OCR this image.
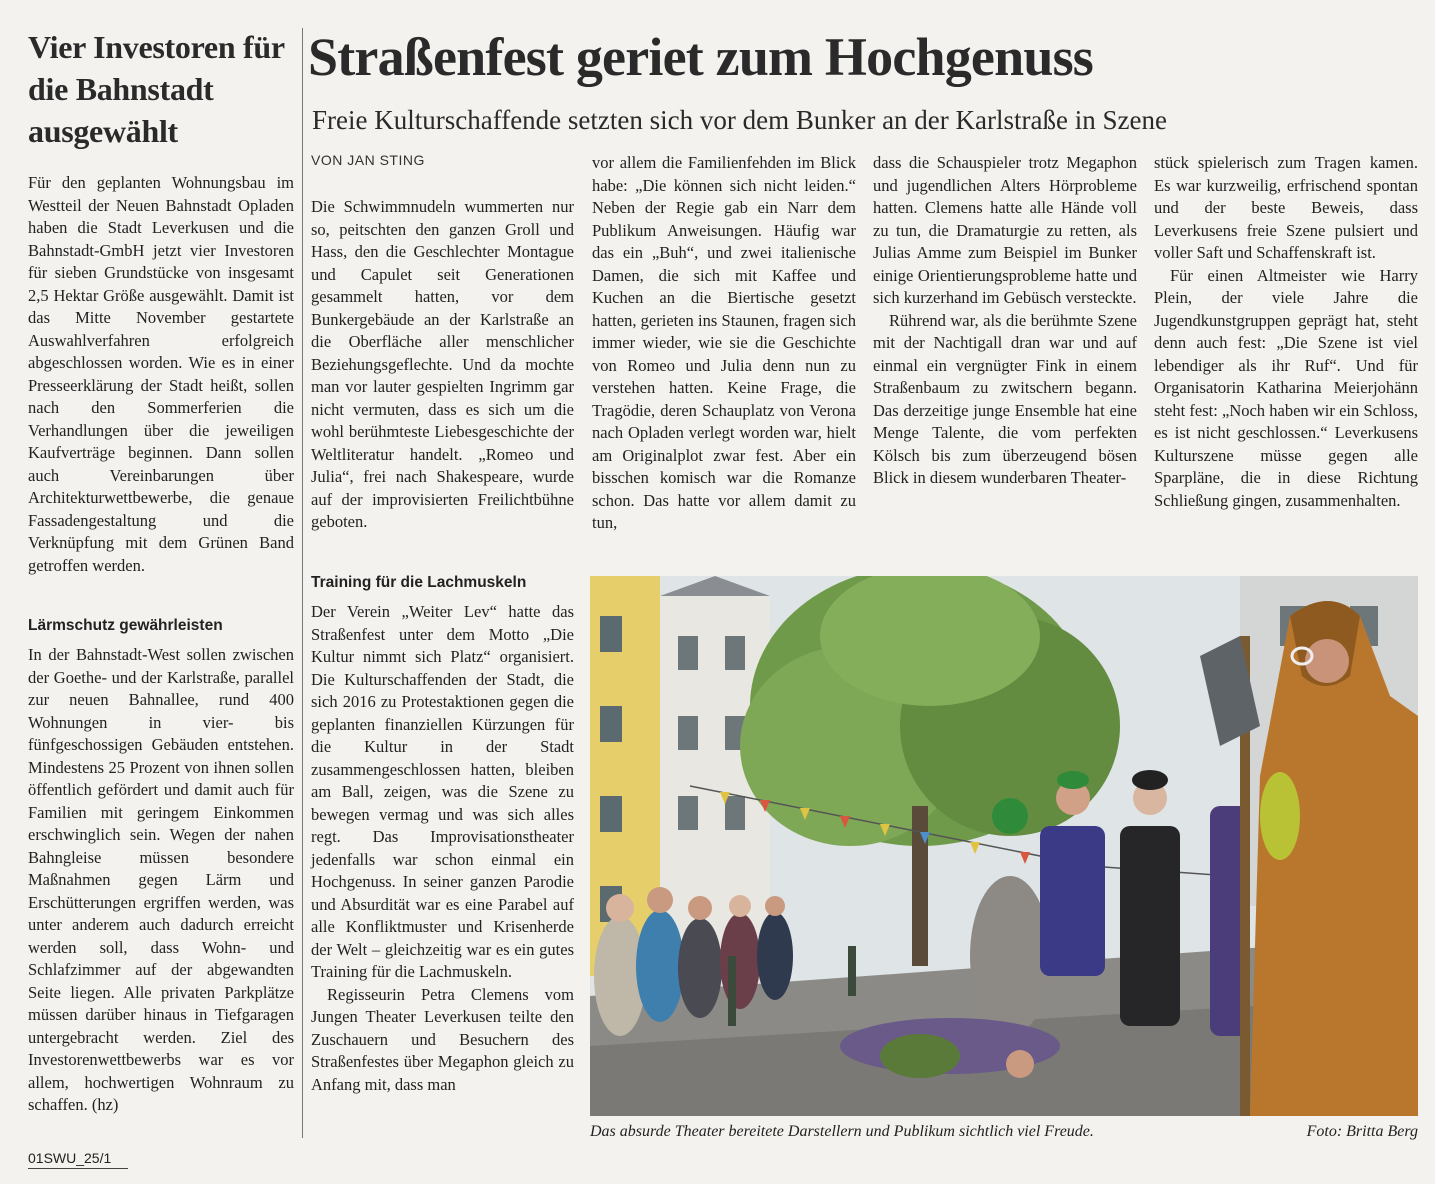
Vier Investoren für die Bahnstadt ausgewählt

Für den geplanten Wohnungsbau im Westteil der Neuen Bahnstadt Opladen haben die Stadt Leverkusen und die Bahnstadt-GmbH jetzt vier Investoren für sieben Grundstücke von insgesamt 2,5 Hektar Größe ausgewählt. Damit ist das Mitte November gestartete Auswahlverfahren erfolgreich abgeschlossen worden. Wie es in einer Presseerklärung der Stadt heißt, sollen nach den Sommerferien die Verhandlungen über die jeweiligen Kaufverträge beginnen. Dann sollen auch Vereinbarungen über Architekturwettbewerbe, die genaue Fassadengestaltung und die Verknüpfung mit dem Grünen Band getroffen werden.

Lärmschutz gewährleisten

In der Bahnstadt-West sollen zwischen der Goethe- und der Karlstraße, parallel zur neuen Bahnallee, rund 400 Wohnungen in vier- bis fünfgeschossigen Gebäuden entstehen. Mindestens 25 Prozent von ihnen sollen öffentlich gefördert und damit auch für Familien mit geringem Einkommen erschwinglich sein. Wegen der nahen Bahngleise müssen besondere Maßnahmen gegen Lärm und Erschütterungen ergriffen werden, was unter anderem auch dadurch erreicht werden soll, dass Wohn- und Schlafzimmer auf der abgewandten Seite liegen. Alle privaten Parkplätze müssen darüber hinaus in Tiefgaragen untergebracht werden. Ziel des Investorenwettbewerbs war es vor allem, hochwertigen Wohnraum zu schaffen. (hz)

Straßenfest geriet zum Hochgenuss
Freie Kulturschaffende setzten sich vor dem Bunker an der Karlstraße in Szene
VON JAN STING

Die Schwimmnudeln wummerten nur so, peitschten den ganzen Groll und Hass, den die Geschlechter Montague und Capulet seit Generationen gesammelt hatten, vor dem Bunkergebäude an der Karlstraße an die Oberfläche aller menschlicher Beziehungsgeflechte. Und da mochte man vor lauter gespielten Ingrimm gar nicht vermuten, dass es sich um die wohl berühmteste Liebesgeschichte der Weltliteratur handelt. „Romeo und Julia“, frei nach Shakespeare, wurde auf der improvisierten Freilichtbühne geboten.

Training für die Lachmuskeln

Der Verein „Weiter Lev“ hatte das Straßenfest unter dem Motto „Die Kultur nimmt sich Platz“ organisiert. Die Kulturschaffenden der Stadt, die sich 2016 zu Protestaktionen gegen die geplanten finanziellen Kürzungen für die Kultur in der Stadt zusammengeschlossen hatten, bleiben am Ball, zeigen, was die Szene zu bewegen vermag und was sich alles regt. Das Improvisationstheater jedenfalls war schon einmal ein Hochgenuss. In seiner ganzen Parodie und Absurdität war es eine Parabel auf alle Konfliktmuster und Krisenherde der Welt – gleichzeitig war es ein gutes Training für die Lachmuskeln.

Regisseurin Petra Clemens vom Jungen Theater Leverkusen teilte den Zuschauern und Besuchern des Straßenfestes über Megaphon gleich zu Anfang mit, dass man

vor allem die Familienfehden im Blick habe: „Die können sich nicht leiden.“ Neben der Regie gab ein Narr dem Publikum Anweisungen. Häufig war das ein „Buh“, und zwei italienische Damen, die sich mit Kaffee und Kuchen an die Biertische gesetzt hatten, gerieten ins Staunen, fragen sich immer wieder, wie sie die Geschichte von Romeo und Julia denn nun zu verstehen hatten. Keine Frage, die Tragödie, deren Schauplatz von Verona nach Opladen verlegt worden war, hielt am Originalplot zwar fest. Aber ein bisschen komisch war die Romanze schon. Das hatte vor allem damit zu tun,

dass die Schauspieler trotz Megaphon und jugendlichen Alters Hörprobleme hatten. Clemens hatte alle Hände voll zu tun, die Dramaturgie zu retten, als Julias Amme zum Beispiel im Bunker einige Orientierungsprobleme hatte und sich kurzerhand im Gebüsch versteckte.

Rührend war, als die berühmte Szene mit der Nachtigall dran war und auf einmal ein vergnügter Fink in einem Straßenbaum zu zwitschern begann. Das derzeitige junge Ensemble hat eine Menge Talente, die vom perfekten Kölsch bis zum überzeugend bösen Blick in diesem wunderbaren Theater-

stück spielerisch zum Tragen kamen. Es war kurzweilig, erfrischend spontan und der beste Beweis, dass Leverkusens freie Szene pulsiert und voller Saft und Schaffenskraft ist.

Für einen Altmeister wie Harry Plein, der viele Jahre die Jugendkunstgruppen geprägt hat, steht denn auch fest: „Die Szene ist viel lebendiger als ihr Ruf“. Und für Organisatorin Katharina Meierjohänn steht fest: „Noch haben wir ein Schloss, es ist nicht geschlossen.“ Leverkusens Kulturszene müsse gegen alle Sparpläne, die in diese Richtung Schließung gingen, zusammenhalten.

Das absurde Theater bereitete Darstellern und Publikum sichtlich viel Freude.	Foto: Britta Berg
01SWU_25/1
